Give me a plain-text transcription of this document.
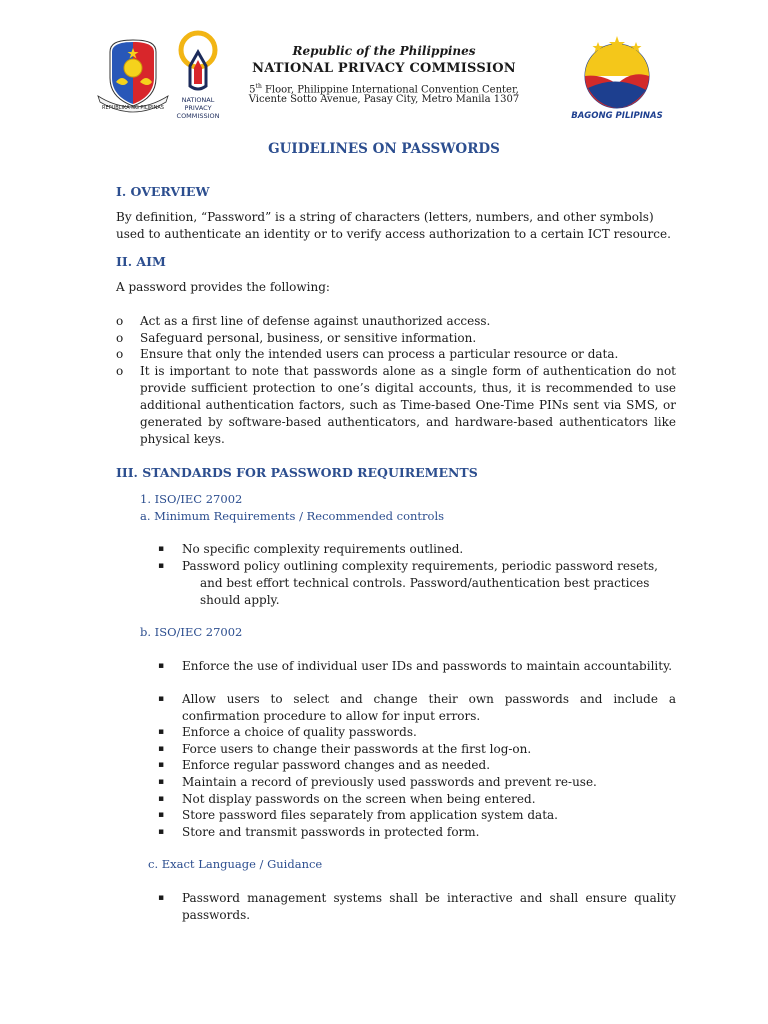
REPUBLIKA NG PILIPINAS
NATIONAL
PRIVACY
COMMISSION
Republic of the Philippines
NATIONAL PRIVACY COMMISSION
5th Floor, Philippine International Convention Center,
Vicente Sotto Avenue, Pasay City, Metro Manila 1307
BAGONG PILIPINAS
GUIDELINES ON PASSWORDS
I. OVERVIEW
By definition, “Password” is a string of characters (letters, numbers, and other symbols)
used to authenticate an identity or to verify access authorization to a certain ICT resource.
II. AIM
A password provides the following:
o Act as a first line of defense against unauthorized access.
o Safeguard personal, business, or sensitive information.
o Ensure that only the intended users can process a particular resource or data.
o It is important to note that passwords alone as a single form of authentication do not provide sufficient protection to one’s digital accounts, thus, it is recommended to use additional authentication factors, such as Time-based One-Time PINs sent via SMS, or generated by software-based authenticators, and hardware-based authenticators like physical keys.
III. STANDARDS FOR PASSWORD REQUIREMENTS
1. ISO/IEC 27002
a. Minimum Requirements / Recommended controls
▪ No specific complexity requirements outlined.
▪ Password policy outlining complexity requirements, periodic password resets,
and best effort technical controls. Password/authentication best practices
should apply.
b. ISO/IEC 27002
▪ Enforce the use of individual user IDs and passwords to maintain accountability.
▪ Allow users to select and change their own passwords and include a confirmation procedure to allow for input errors.
▪ Enforce a choice of quality passwords.
▪ Force users to change their passwords at the first log-on.
▪ Enforce regular password changes and as needed.
▪ Maintain a record of previously used passwords and prevent re-use.
▪ Not display passwords on the screen when being entered.
▪ Store password files separately from application system data.
▪ Store and transmit passwords in protected form.
c. Exact Language / Guidance
▪ Password management systems shall be interactive and shall ensure quality passwords.
